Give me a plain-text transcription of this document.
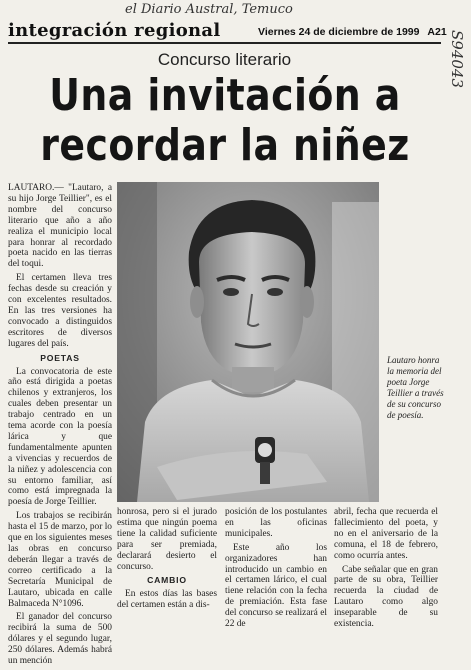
el Diario Austral, Temuco
S94043
integración regional	Viernes 24 de diciembre de 1999 A21
Concurso literario
Una invitación a
recordar la niñez
Lautaro honra la memoria del poeta Jorge Teillier a través de su concurso de poesía.

LAUTARO.— "Lautaro, a su hijo Jorge Teillier", es el nombre del concurso literario que año a año realiza el municipio local para honrar al recordado poeta nacido en las tierras del toqui.

El certamen lleva tres fechas desde su creación y con excelentes resultados. En las tres versiones ha convocado a distinguidos escritores de diversos lugares del país.

POETAS

La convocatoria de este año está dirigida a poetas chilenos y extranjeros, los cuales deben presentar un trabajo centrado en un tema acorde con la poesía lárica y que fundamentalmente apunten a vivencias y recuerdos de la niñez y adolescencia con su entorno familiar, así como está impregnada la poesía de Jorge Teillier.

Los trabajos se recibirán hasta el 15 de marzo, por lo que en los siguientes meses las obras en concurso deberán llegar a través de correo certificado a la Secretaría Municipal de Lautaro, ubicada en calle Balmaceda N°1096.

El ganador del concurso recibirá la suma de 500 dólares y el segundo lugar, 250 dólares. Además habrá un mención

honrosa, pero si el jurado estima que ningún poema tiene la calidad suficiente para ser premiada, declarará desierto el concurso.

CAMBIO

En estos días las bases del certamen están a dis-

posición de los postulantes en las oficinas municipales.

Este año los organizadores han introducido un cambio en el certamen lárico, el cual tiene relación con la fecha de premiación. Esta fase del concurso se realizará el 22 de

abril, fecha que recuerda el fallecimiento del poeta, y no en el aniversario de la comuna, el 18 de febrero, como ocurría antes.

Cabe señalar que en gran parte de su obra, Teillier recuerda la ciudad de Lautaro como algo inseparable de su existencia.
